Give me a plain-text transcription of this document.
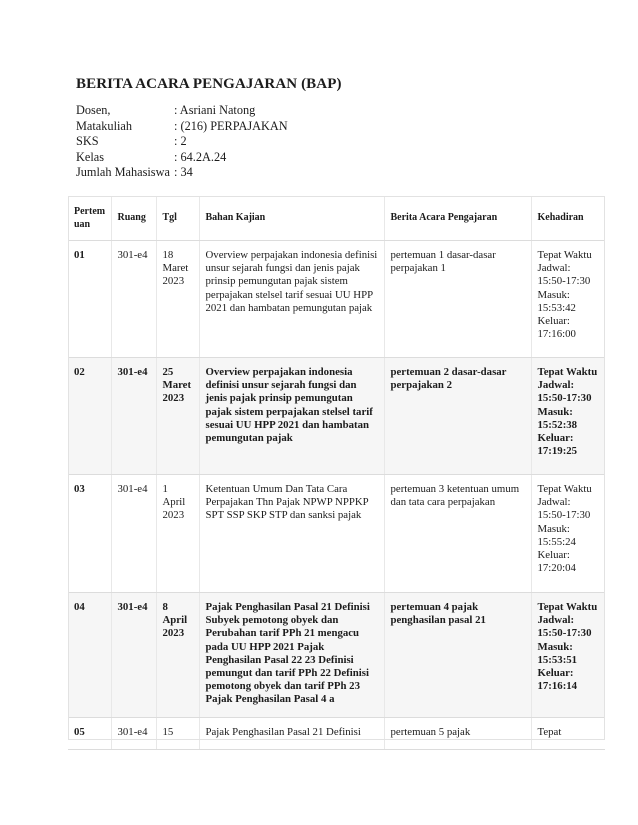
BERITA ACARA PENGAJARAN (BAP)
Dosen,	: Asriani Natong
Matakuliah	: (216) PERPAJAKAN
SKS	: 2
Kelas	: 64.2A.24
Jumlah Mahasiswa : 34
Pertem uan	Ruang	Tgl	Bahan Kajian	Berita Acara Pengajaran	Kehadiran
01	301-e4	18 Maret 2023	Overview perpajakan indonesia definisi unsur sejarah fungsi dan jenis pajak prinsip pemungutan pajak sistem perpajakan stelsel tarif sesuai UU HPP 2021 dan hambatan pemungutan pajak	pertemuan 1 dasar-dasar perpajakan 1	Tepat Waktu Jadwal: 15:50-17:30 Masuk: 15:53:42 Keluar: 17:16:00
02	301-e4	25 Maret 2023	Overview perpajakan indonesia definisi unsur sejarah fungsi dan jenis pajak prinsip pemungutan pajak sistem perpajakan stelsel tarif sesuai UU HPP 2021 dan hambatan pemungutan pajak	pertemuan 2 dasar-dasar perpajakan 2	Tepat Waktu Jadwal: 15:50-17:30 Masuk: 15:52:38 Keluar: 17:19:25
03	301-e4	1 April 2023	Ketentuan Umum Dan Tata Cara Perpajakan Thn Pajak NPWP NPPKP SPT SSP SKP STP dan sanksi pajak	pertemuan 3 ketentuan umum dan tata cara perpajakan	Tepat Waktu Jadwal: 15:50-17:30 Masuk: 15:55:24 Keluar: 17:20:04
04	301-e4	8 April 2023	Pajak Penghasilan Pasal 21 Definisi Subyek pemotong obyek dan Perubahan tarif PPh 21 mengacu pada UU HPP 2021 Pajak Penghasilan Pasal 22 23 Definisi pemungut dan tarif PPh 22 Definisi pemotong obyek dan tarif PPh 23 Pajak Penghasilan Pasal 4 a	pertemuan 4 pajak penghasilan pasal 21	Tepat Waktu Jadwal: 15:50-17:30 Masuk: 15:53:51 Keluar: 17:16:14
05	301-e4	15	Pajak Penghasilan Pasal 21 Definisi	pertemuan 5 pajak	Tepat
